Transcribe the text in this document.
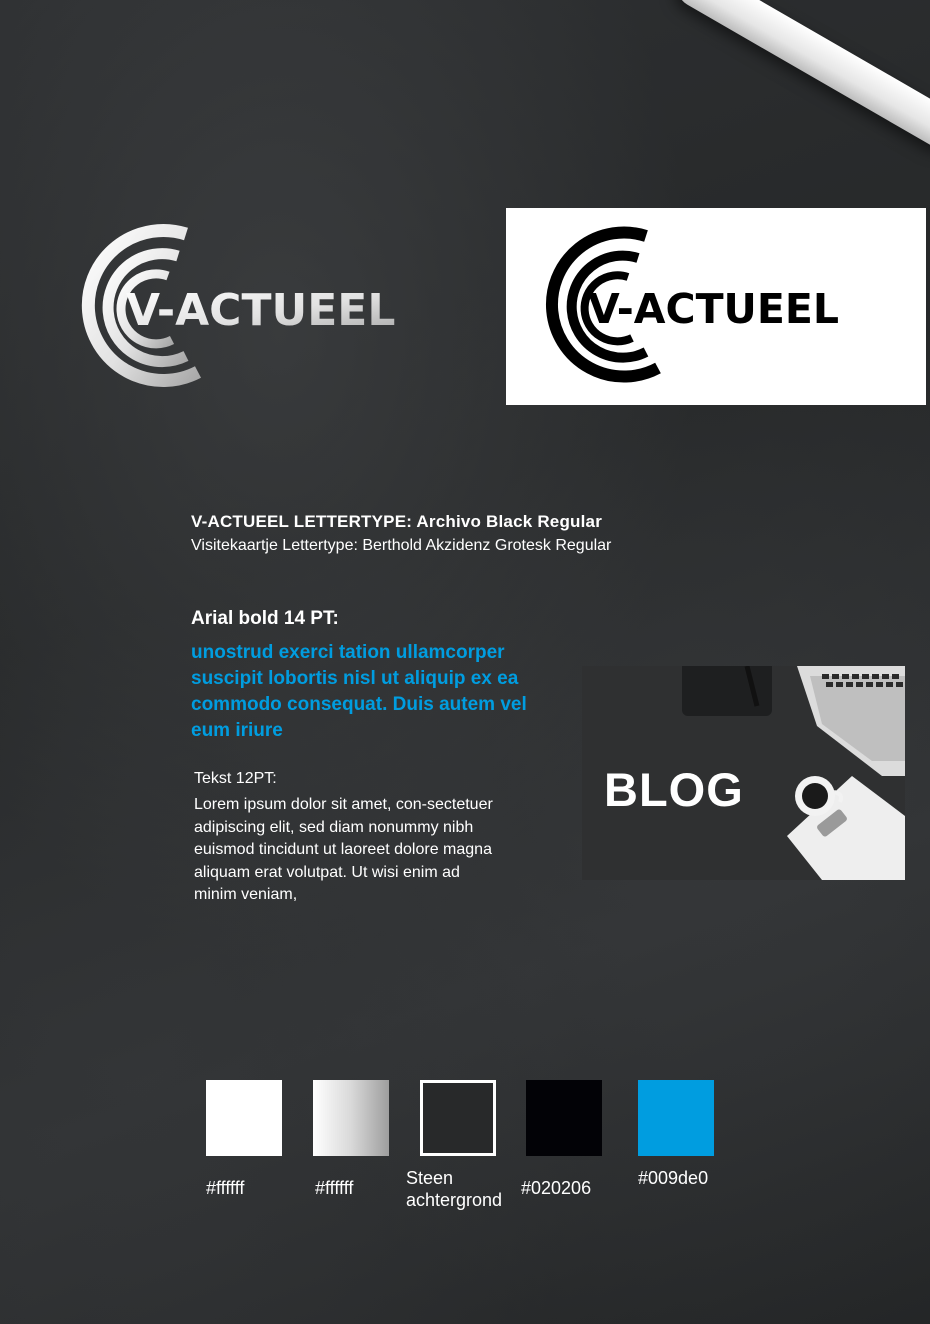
V-ACTUEEL	V-ACTUEEL
V-ACTUEEL LETTERTYPE: Archivo Black Regular
Visitekaartje Lettertype: Berthold Akzidenz Grotesk Regular
Arial bold 14 PT:
unostrud exerci tation ullamcorper suscipit lobortis nisl ut aliquip ex ea commodo consequat. Duis autem vel eum iriure
Tekst 12PT:
Lorem ipsum dolor sit amet, con-sectetuer adipiscing elit, sed diam nonummy nibh euismod tincidunt ut laoreet dolore magna aliquam erat volutpat. Ut wisi enim ad minim veniam,
BLOG
#ffffff	#ffffff	Steen achtergrond
#020206	#009de0
